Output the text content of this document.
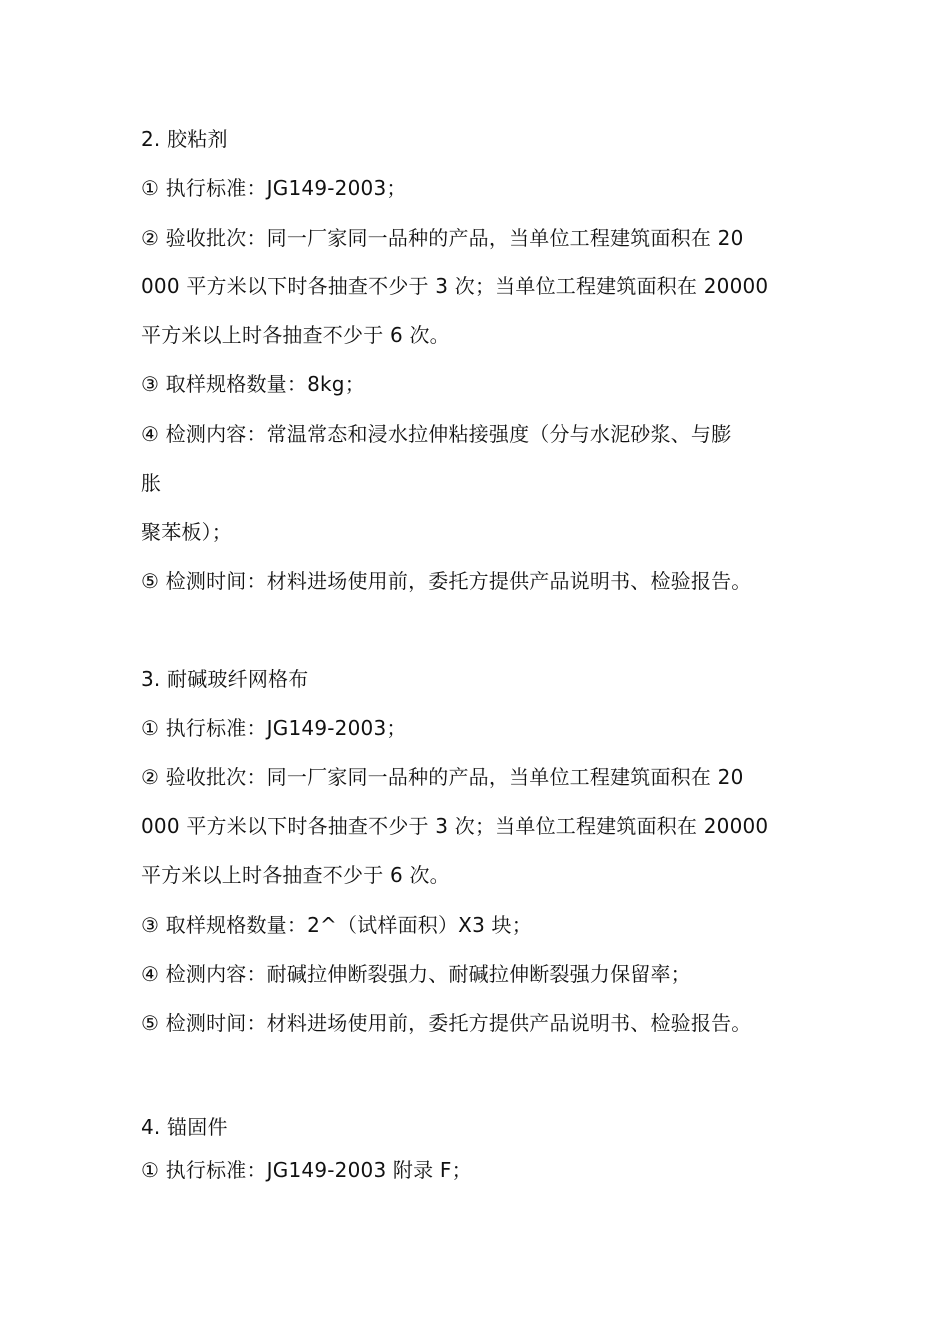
2. 胶粘剂
① 执行标准：JG149-2003；
② 验收批次：同一厂家同一品种的产品，当单位工程建筑面积在 20
000 平方米以下时各抽查不少于 3 次；当单位工程建筑面积在 20000
平方米以上时各抽查不少于 6 次。
③ 取样规格数量：8kg；
④ 检测内容：常温常态和浸水拉伸粘接强度（分与水泥砂浆、与膨
胀
聚苯板）；
⑤ 检测时间：材料进场使用前，委托方提供产品说明书、检验报告。
3. 耐碱玻纤网格布
① 执行标准：JG149-2003；
② 验收批次：同一厂家同一品种的产品，当单位工程建筑面积在 20
000 平方米以下时各抽查不少于 3 次；当单位工程建筑面积在 20000
平方米以上时各抽查不少于 6 次。
③ 取样规格数量：2^（试样面积）X3 块；
④ 检测内容：耐碱拉伸断裂强力、耐碱拉伸断裂强力保留率；
⑤ 检测时间：材料进场使用前，委托方提供产品说明书、检验报告。
4. 锚固件
① 执行标准：JG149-2003 附录 F；
